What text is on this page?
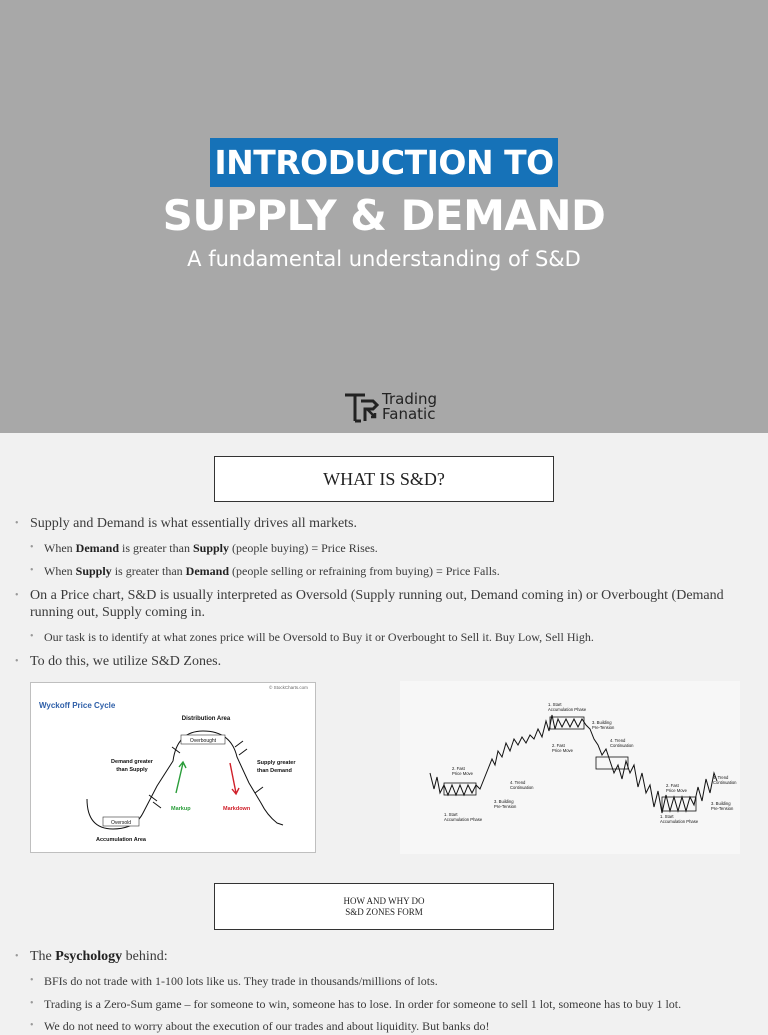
INTRODUCTION TO
SUPPLY & DEMAND
A fundamental understanding of S&D
Trading
Fanatic
WHAT IS S&D?
• Supply and Demand is what essentially drives all markets.
• When Demand is greater than Supply (people buying) = Price Rises.
• When Supply is greater than Demand (people selling or refraining from buying) = Price Falls.
• On a Price chart, S&D is usually interpreted as Oversold (Supply running out, Demand coming in) or Overbought (Demand running out, Supply coming in.
• Our task is to identify at what zones price will be Oversold to Buy it or Overbought to Sell it. Buy Low, Sell High.
• To do this, we utilize S&D Zones.
Wyckoff Price Cycle
© StockCharts.com
Overbought
Distribution Area
Demand greater
than Supply
Supply greater
than Demand
Markup	Markdown
Oversold
Accumulation Area
1. Start
Accumulation Phase
3. Building
Pre-Tension
2. Fast
Price Move
4. Trend
Continuation
2. Fast
Price Move
4. Trend
Continuation
3. Building
Pre-Tension
1. Start
Accumulation Phase
2. Fast
Price Move
4. Trend
Continuation
3. Building
Pre-Tension
1. Start
Accumulation Phase
HOW AND WHY DO
S&D ZONES FORM
• The Psychology behind:
• BFIs do not trade with 1-100 lots like us. They trade in thousands/millions of lots.
• Trading is a Zero-Sum game – for someone to win, someone has to lose. In order for someone to sell 1 lot, someone has to buy 1 lot.
• We do not need to worry about the execution of our trades and about liquidity. But banks do!
